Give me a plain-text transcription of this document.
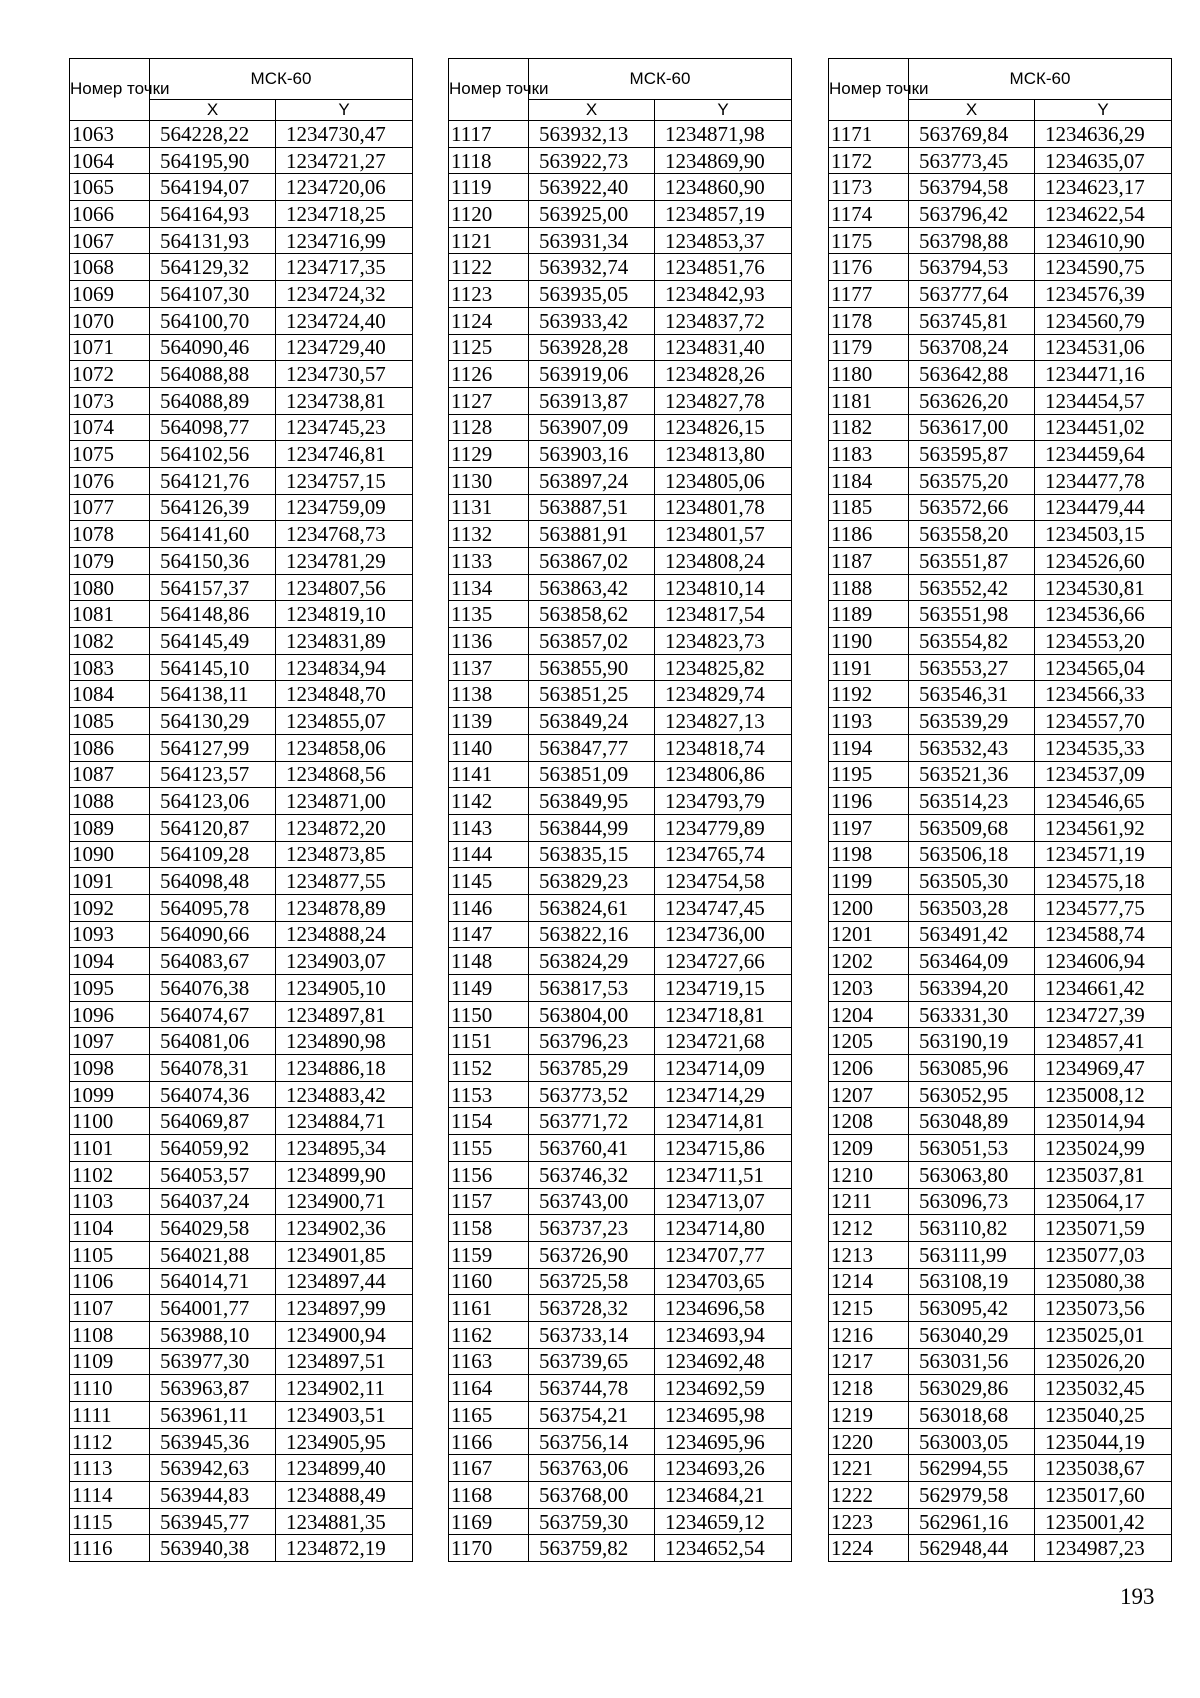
Номер точки	МСК-60	
	X	Y
1063	564228,22	1234730,47
1064	564195,90	1234721,27
1065	564194,07	1234720,06
1066	564164,93	1234718,25
1067	564131,93	1234716,99
1068	564129,32	1234717,35
1069	564107,30	1234724,32
1070	564100,70	1234724,40
1071	564090,46	1234729,40
1072	564088,88	1234730,57
1073	564088,89	1234738,81
1074	564098,77	1234745,23
1075	564102,56	1234746,81
1076	564121,76	1234757,15
1077	564126,39	1234759,09
1078	564141,60	1234768,73
1079	564150,36	1234781,29
1080	564157,37	1234807,56
1081	564148,86	1234819,10
1082	564145,49	1234831,89
1083	564145,10	1234834,94
1084	564138,11	1234848,70
1085	564130,29	1234855,07
1086	564127,99	1234858,06
1087	564123,57	1234868,56
1088	564123,06	1234871,00
1089	564120,87	1234872,20
1090	564109,28	1234873,85
1091	564098,48	1234877,55
1092	564095,78	1234878,89
1093	564090,66	1234888,24
1094	564083,67	1234903,07
1095	564076,38	1234905,10
1096	564074,67	1234897,81
1097	564081,06	1234890,98
1098	564078,31	1234886,18
1099	564074,36	1234883,42
1100	564069,87	1234884,71
1101	564059,92	1234895,34
1102	564053,57	1234899,90
1103	564037,24	1234900,71
1104	564029,58	1234902,36
1105	564021,88	1234901,85
1106	564014,71	1234897,44
1107	564001,77	1234897,99
1108	563988,10	1234900,94
1109	563977,30	1234897,51
1110	563963,87	1234902,11
1111	563961,11	1234903,51
1112	563945,36	1234905,95
1113	563942,63	1234899,40
1114	563944,83	1234888,49
1115	563945,77	1234881,35
1116	563940,38	1234872,19
Номер точки	МСК-60	
	X	Y
1117	563932,13	1234871,98
1118	563922,73	1234869,90
1119	563922,40	1234860,90
1120	563925,00	1234857,19
1121	563931,34	1234853,37
1122	563932,74	1234851,76
1123	563935,05	1234842,93
1124	563933,42	1234837,72
1125	563928,28	1234831,40
1126	563919,06	1234828,26
1127	563913,87	1234827,78
1128	563907,09	1234826,15
1129	563903,16	1234813,80
1130	563897,24	1234805,06
1131	563887,51	1234801,78
1132	563881,91	1234801,57
1133	563867,02	1234808,24
1134	563863,42	1234810,14
1135	563858,62	1234817,54
1136	563857,02	1234823,73
1137	563855,90	1234825,82
1138	563851,25	1234829,74
1139	563849,24	1234827,13
1140	563847,77	1234818,74
1141	563851,09	1234806,86
1142	563849,95	1234793,79
1143	563844,99	1234779,89
1144	563835,15	1234765,74
1145	563829,23	1234754,58
1146	563824,61	1234747,45
1147	563822,16	1234736,00
1148	563824,29	1234727,66
1149	563817,53	1234719,15
1150	563804,00	1234718,81
1151	563796,23	1234721,68
1152	563785,29	1234714,09
1153	563773,52	1234714,29
1154	563771,72	1234714,81
1155	563760,41	1234715,86
1156	563746,32	1234711,51
1157	563743,00	1234713,07
1158	563737,23	1234714,80
1159	563726,90	1234707,77
1160	563725,58	1234703,65
1161	563728,32	1234696,58
1162	563733,14	1234693,94
1163	563739,65	1234692,48
1164	563744,78	1234692,59
1165	563754,21	1234695,98
1166	563756,14	1234695,96
1167	563763,06	1234693,26
1168	563768,00	1234684,21
1169	563759,30	1234659,12
1170	563759,82	1234652,54
Номер точки	МСК-60	
	X	Y
1171	563769,84	1234636,29
1172	563773,45	1234635,07
1173	563794,58	1234623,17
1174	563796,42	1234622,54
1175	563798,88	1234610,90
1176	563794,53	1234590,75
1177	563777,64	1234576,39
1178	563745,81	1234560,79
1179	563708,24	1234531,06
1180	563642,88	1234471,16
1181	563626,20	1234454,57
1182	563617,00	1234451,02
1183	563595,87	1234459,64
1184	563575,20	1234477,78
1185	563572,66	1234479,44
1186	563558,20	1234503,15
1187	563551,87	1234526,60
1188	563552,42	1234530,81
1189	563551,98	1234536,66
1190	563554,82	1234553,20
1191	563553,27	1234565,04
1192	563546,31	1234566,33
1193	563539,29	1234557,70
1194	563532,43	1234535,33
1195	563521,36	1234537,09
1196	563514,23	1234546,65
1197	563509,68	1234561,92
1198	563506,18	1234571,19
1199	563505,30	1234575,18
1200	563503,28	1234577,75
1201	563491,42	1234588,74
1202	563464,09	1234606,94
1203	563394,20	1234661,42
1204	563331,30	1234727,39
1205	563190,19	1234857,41
1206	563085,96	1234969,47
1207	563052,95	1235008,12
1208	563048,89	1235014,94
1209	563051,53	1235024,99
1210	563063,80	1235037,81
1211	563096,73	1235064,17
1212	563110,82	1235071,59
1213	563111,99	1235077,03
1214	563108,19	1235080,38
1215	563095,42	1235073,56
1216	563040,29	1235025,01
1217	563031,56	1235026,20
1218	563029,86	1235032,45
1219	563018,68	1235040,25
1220	563003,05	1235044,19
1221	562994,55	1235038,67
1222	562979,58	1235017,60
1223	562961,16	1235001,42
1224	562948,44	1234987,23
193
